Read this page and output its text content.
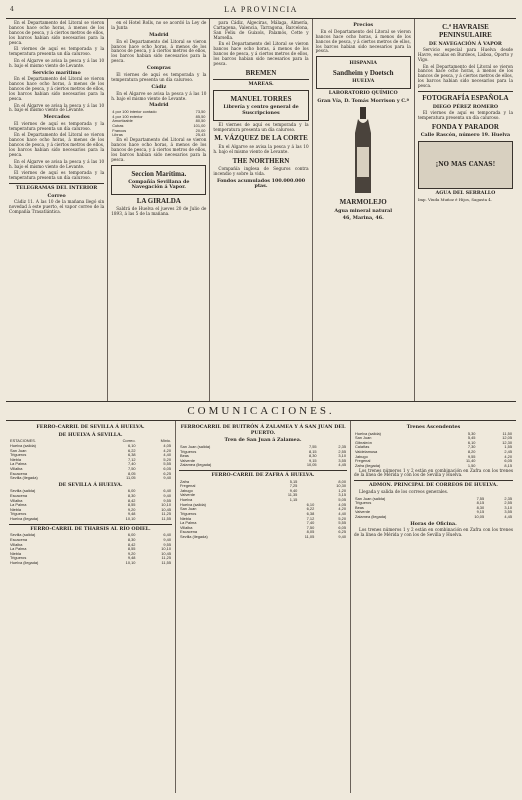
4	LA PROVINCIA

En el Departamento del Litoral se vieron bancos hace ocho horas, á menos de los bancos de pesca, y á ciertos metros de ellos, los barcos habian sido necesarios para la pesca.

El viernes de aquí es temporada y la temperatura presenta un día caluroso.

En el Algarve se avisa la pesca y á las 10 h. bajo el mismo viento de Levante.

Servicio marítimo

En el Departamento del Litoral se vieron bancos hace ocho horas, á menos de los bancos de pesca, y á ciertos metros de ellos, los barcos habian sido necesarios para la pesca.

En el Algarve se avisa la pesca y á las 10 h. bajo el mismo viento de Levante.

Mercados

El viernes de aquí es temporada y la temperatura presenta un día caluroso.

En el Departamento del Litoral se vieron bancos hace ocho horas, á menos de los bancos de pesca, y á ciertos metros de ellos, los barcos habian sido necesarios para la pesca.

En el Algarve se avisa la pesca y á las 10 h. bajo el mismo viento de Levante.

El viernes de aquí es temporada y la temperatura presenta un día caluroso.

TELEGRAMAS DEL INTERIOR
Correo

Cádiz 11. A las 10 de la mañana llegó sin novedad á este puerto, el vapor correo de la Compañía Trasatlántica.

en el Hotel Rolls, no se acordó la Ley de la Junta

Madrid

En el Departamento del Litoral se vieron bancos hace ocho horas, á menos de los bancos de pesca, y á ciertos metros de ellos, los barcos habian sido necesarios para la pesca.

Compras

El viernes de aquí es temporada y la temperatura presenta un día caluroso.

Cádiz

En el Algarve se avisa la pesca y á las 10 h. bajo el mismo viento de Levante.

Madrid
4 por 100 interior contado	73,50
4 por 100 exterior	85,50
Amortizable	80,50
Cubas	101,00
Francos	20,00
Libras	25,43

En el Departamento del Litoral se vieron bancos hace ocho horas, á menos de los bancos de pesca, y á ciertos metros de ellos, los barcos habian sido necesarios para la pesca.

Seccion Marítima.
Compañía Sevillana de Navegación á Vapor.
LA GIRALDA

Saldrá de Huelva el jueves 20 de Julio de 1893, á las 5 de la mañana.

para Cádiz, Algeciras, Málaga, Almería, Cartagena, Valencia, Tarragona, Barcelona, San Feliu de Guixols, Palamós, Cette y Marsella.

En el Departamento del Litoral se vieron bancos hace ocho horas, á menos de los bancos de pesca, y á ciertos metros de ellos, los barcos habian sido necesarios para la pesca.

BREMEN
MAREAS.
MANUEL TORRES
Librería y centro general de Suscripciones

El viernes de aquí es temporada y la temperatura presenta un día caluroso.

M. VÁZQUEZ DE LA CORTE

En el Algarve se avisa la pesca y á las 10 h. bajo el mismo viento de Levante.

THE NORTHERN

Compañía inglesa de Seguros contra incendio y sobre la vida.

Fondos acumulados 100.000.000 ptas.
Precios

En el Departamento del Litoral se vieron bancos hace ocho horas, á menos de los bancos de pesca, y á ciertos metros de ellos, los barcos habian sido necesarios para la pesca.

HISPANIA
Sandheim y Doetsch
HUELVA
LABORATORIO QUÍMICO
Gran Vía, D. Tomás Morrison y C.ª
MARMOLEJO
Agua mineral natural
46, Marina, 46.
C.ª HAVRAISE PENINSULAIRE
DE NAVEGACIÓN Á VAPOR

Servicio especial para Huelva desde Havre, escalas en Burdeos, Lisboa, Oporto y Vigo.

En el Departamento del Litoral se vieron bancos hace ocho horas, á menos de los bancos de pesca, y á ciertos metros de ellos, los barcos habian sido necesarios para la pesca.

FOTOGRAFÍA ESPAÑOLA
DIEGO PÉREZ ROMERO

El viernes de aquí es temporada y la temperatura presenta un día caluroso.

FONDA Y PARADOR
Calle Rascón, número 19. Huelva
¡NO MAS CANAS!
AGUA DEL SERRALLO
Imp. Viuda Muñoz é Hijos, Sagasta 4.
COMUNICACIONES.
FERRO-CARRIL DE SEVILLA Á HUELVA.
DE HUELVA Á SEVILLA.
ESTACIONES.	Correo.	Mixto.
Huelva (salida)	6,10	4,05
San Juan	6,22	4,20
Trigueros	6,38	4,40
Niebla	7,12	5,20
La Palma	7,40	5,55
Villalba	7,50	6,05
Escacena	8,05	6,25
Sevilla (llegada)	11,05	9,40
DE SEVILLA Á HUELVA.
Sevilla (salida)	6,00	6,40
Escacena	8,30	9,40
Villalba	8,42	9,55
La Palma	8,55	10,10
Niebla	9,20	10,45
Trigueros	9,48	11,25
Huelva (llegada)	10,10	11,55
FERRO-CARRIL DE THARSIS AL RÍO ODIEL.
Sevilla (salida)	6,00	6,40
Escacena	8,30	9,40
Villalba	8,42	9,55
La Palma	8,55	10,10
Niebla	9,20	10,45
Trigueros	9,48	11,25
Huelva (llegada)	10,10	11,55
FERROCARRIL DE BUITRÓN Á ZALAMEA Y Á SAN JUAN DEL PUERTO.
Tren de San Juan á Zalamea.
San Juan (salida)	7,55	2,35
Trigueros	8,15	2,55
Beas	8,30	3,10
Valverde	9,15	3,55
Zalamea (llegada)	10,05	4,45
FERRO-CARRIL DE ZAFRA Á HUELVA.
Zafra	5,15	8,00
Fregenal	7,25	10,30
Jabugo	9,40	1,20
Valverde	11,35	3,15
Huelva	1,15	5,05
Huelva (salida)	6,10	4,05
San Juan	6,22	4,20
Trigueros	6,38	4,40
Niebla	7,12	5,20
La Palma	7,40	5,55
Villalba	7,50	6,05
Escacena	8,05	6,25
Sevilla (llegada)	11,05	9,40
Trenes Ascendentes
Huelva (salida)	5,30	11,50
San Juan	5,45	12,05
Gibraleón	6,10	12,30
Calañas	7,30	1,55
Valdelamusa	8,20	2,45
Jabugo	9,55	4,20
Fregenal	11,40	6,05
Zafra (llegada)	1,50	8,15

Los trenes números 1 y 2 están en combinación en Zafra con los trenes de la línea de Mérida y con los de Sevilla y Huelva.

ADMON. PRINCIPAL DE CORREOS DE HUELVA.

Llegada y salida de los correos generales.

San Juan (salida)	7,55	2,35
Trigueros	8,15	2,55
Beas	8,30	3,10
Valverde	9,15	3,55
Zalamea (llegada)	10,05	4,45
Horas de Oficina.

Los trenes números 1 y 2 están en combinación en Zafra con los trenes de la línea de Mérida y con los de Sevilla y Huelva.
